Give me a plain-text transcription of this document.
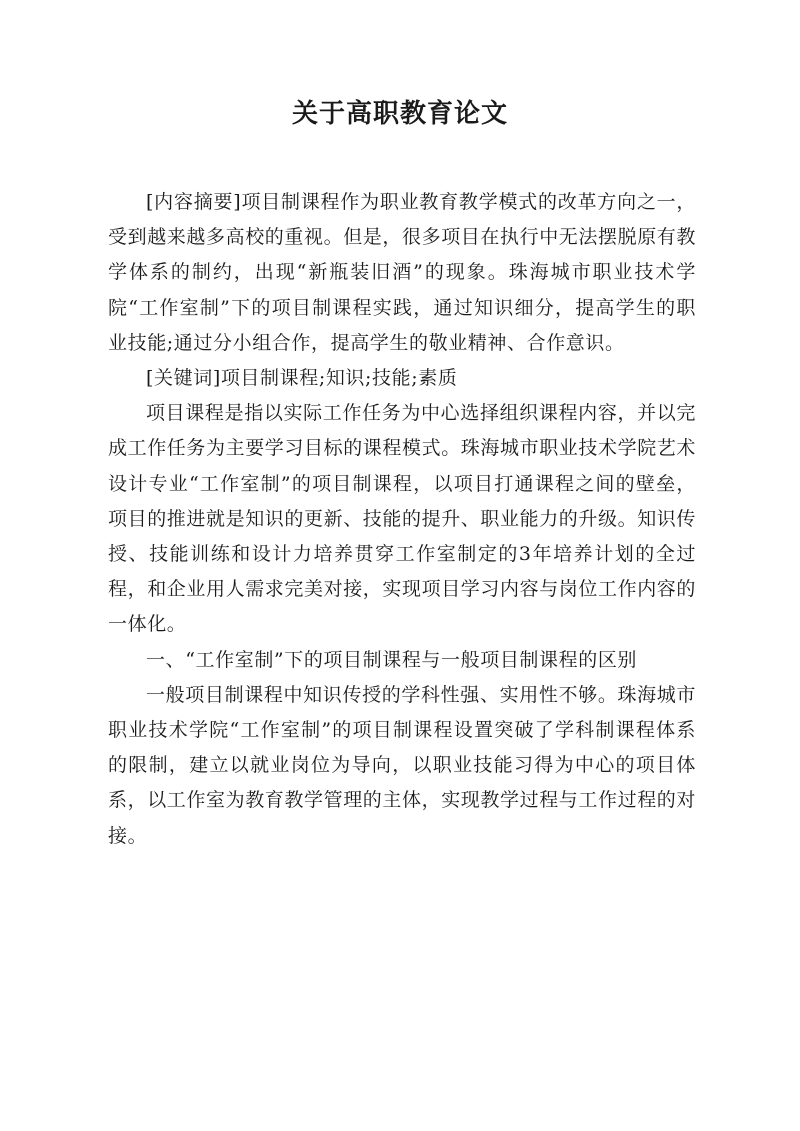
关于高职教育论文

[内容摘要]项目制课程作为职业教育教学模式的改革方向之一，受到越来越多高校的重视。但是，很多项目在执行中无法摆脱原有教学体系的制约，出现“新瓶装旧酒”的现象。珠海城市职业技术学院“工作室制”下的项目制课程实践，通过知识细分，提高学生的职业技能;通过分小组合作，提高学生的敬业精神、合作意识。

[关键词]项目制课程;知识;技能;素质

项目课程是指以实际工作任务为中心选择组织课程内容，并以完成工作任务为主要学习目标的课程模式。珠海城市职业技术学院艺术设计专业“工作室制”的项目制课程，以项目打通课程之间的壁垒，项目的推进就是知识的更新、技能的提升、职业能力的升级。知识传授、技能训练和设计力培养贯穿工作室制定的3年培养计划的全过程，和企业用人需求完美对接，实现项目学习内容与岗位工作内容的一体化。

一、“工作室制”下的项目制课程与一般项目制课程的区别

一般项目制课程中知识传授的学科性强、实用性不够。珠海城市职业技术学院“工作室制”的项目制课程设置突破了学科制课程体系的限制，建立以就业岗位为导向，以职业技能习得为中心的项目体系，以工作室为教育教学管理的主体，实现教学过程与工作过程的对接。
